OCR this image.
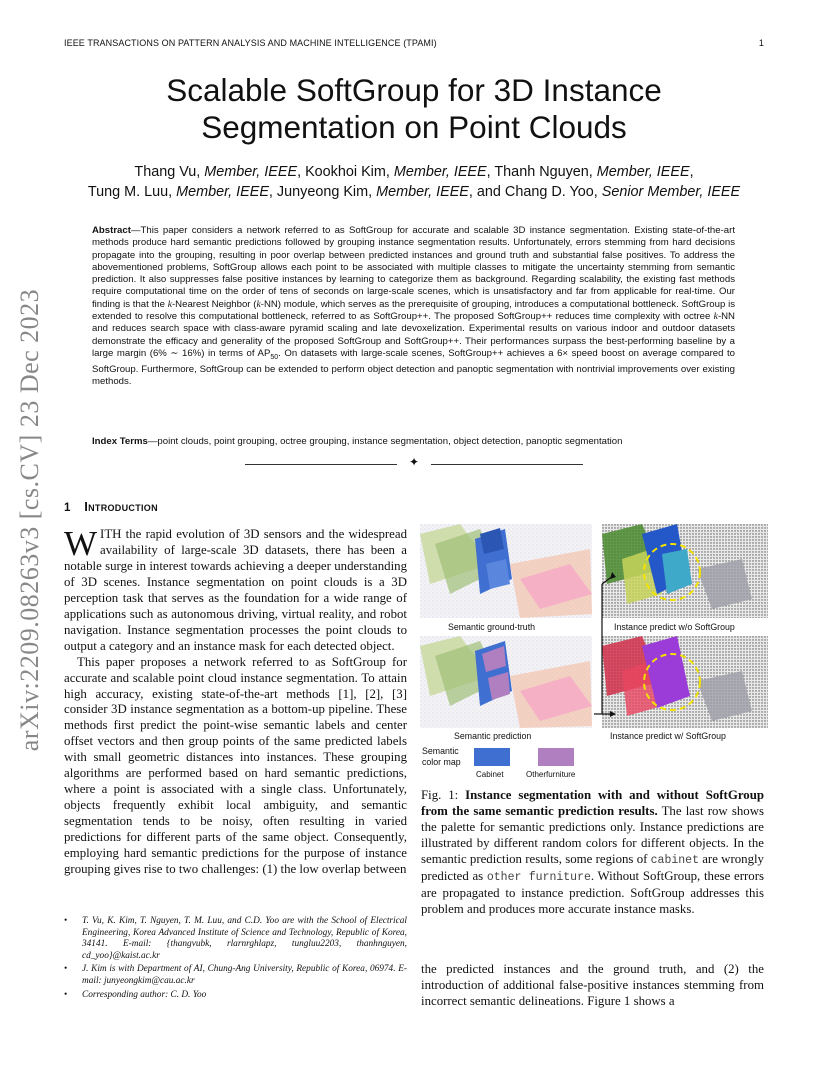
IEEE TRANSACTIONS ON PATTERN ANALYSIS AND MACHINE INTELLIGENCE (TPAMI)	1
arXiv:2209.08263v3 [cs.CV] 23 Dec 2023
Scalable SoftGroup for 3D Instance
Segmentation on Point Clouds
Thang Vu, Member, IEEE, Kookhoi Kim, Member, IEEE, Thanh Nguyen, Member, IEEE,
Tung M. Luu, Member, IEEE, Junyeong Kim, Member, IEEE, and Chang D. Yoo, Senior Member, IEEE
Abstract—This paper considers a network referred to as SoftGroup for accurate and scalable 3D instance segmentation. Existing state-of-the-art methods produce hard semantic predictions followed by grouping instance segmentation results. Unfortunately, errors stemming from hard decisions propagate into the grouping, resulting in poor overlap between predicted instances and ground truth and substantial false positives. To address the abovementioned problems, SoftGroup allows each point to be associated with multiple classes to mitigate the uncertainty stemming from semantic prediction. It also suppresses false positive instances by learning to categorize them as background. Regarding scalability, the existing fast methods require computational time on the order of tens of seconds on large-scale scenes, which is unsatisfactory and far from applicable for real-time. Our finding is that the k-Nearest Neighbor (k-NN) module, which serves as the prerequisite of grouping, introduces a computational bottleneck. SoftGroup is extended to resolve this computational bottleneck, referred to as SoftGroup++. The proposed SoftGroup++ reduces time complexity with octree k-NN and reduces search space with class-aware pyramid scaling and late devoxelization. Experimental results on various indoor and outdoor datasets demonstrate the efficacy and generality of the proposed SoftGroup and SoftGroup++. Their performances surpass the best-performing baseline by a large margin (6% ∼ 16%) in terms of $AP_{50}$. On datasets with large-scale scenes, SoftGroup++ achieves a 6× speed boost on average compared to SoftGroup. Furthermore, SoftGroup can be extended to perform object detection and panoptic segmentation with nontrivial improvements over existing methods.
Index Terms—point clouds, point grouping, octree grouping, instance segmentation, object detection, panoptic segmentation
✦
1 Introduction

WITH the rapid evolution of 3D sensors and the widespread availability of large-scale 3D datasets, there has been a notable surge in interest towards achieving a deeper understanding of 3D scenes. Instance segmentation on point clouds is a 3D perception task that serves as the foundation for a wide range of applications such as autonomous driving, virtual reality, and robot navigation. Instance segmentation processes the point clouds to output a category and an instance mask for each detected object.

This paper proposes a network referred to as SoftGroup for accurate and scalable point cloud instance segmentation. To attain high accuracy, existing state-of-the-art methods [1], [2], [3] consider 3D instance segmentation as a bottom-up pipeline. These methods first predict the point-wise semantic labels and center offset vectors and then group points of the same predicted labels with small geometric distances into instances. These grouping algorithms are performed based on hard semantic predictions, where a point is associated with a single class. Unfortunately, objects frequently exhibit local ambiguity, and semantic segmentation tends to be noisy, often resulting in varied predictions for different parts of the same object. Consequently, employing hard semantic predictions for the purpose of instance grouping gives rise to two challenges: (1) the low overlap between

• T. Vu, K. Kim, T. Nguyen, T. M. Luu, and C.D. Yoo are with the School of Electrical Engineering, Korea Advanced Institute of Science and Technology, Republic of Korea, 34141. E-mail: {thangvubk, rlarnrghlapz, tungluu2203, thanhnguyen, cd_yoo}@kaist.ac.kr
• J. Kim is with Department of AI, Chung-Ang University, Republic of Korea, 06974. E-mail: junyeongkim@cau.ac.kr
• Corresponding author: C. D. Yoo
Semantic ground-truth	Instance predict w/o SoftGroup
Semantic prediction	Instance predict w/ SoftGroup
Semantic
color map
Cabinet	Otherfurniture
Fig. 1: Instance segmentation with and without SoftGroup from the same semantic prediction results. The last row shows the palette for semantic predictions only. Instance predictions are illustrated by different random colors for different objects. In the semantic prediction results, some regions of cabinet are wrongly predicted as other furniture. Without SoftGroup, these errors are propagated to instance prediction. SoftGroup addresses this problem and produces more accurate instance masks.
the predicted instances and the ground truth, and (2) the introduction of additional false-positive instances stemming from incorrect semantic delineations. Figure 1 shows a
